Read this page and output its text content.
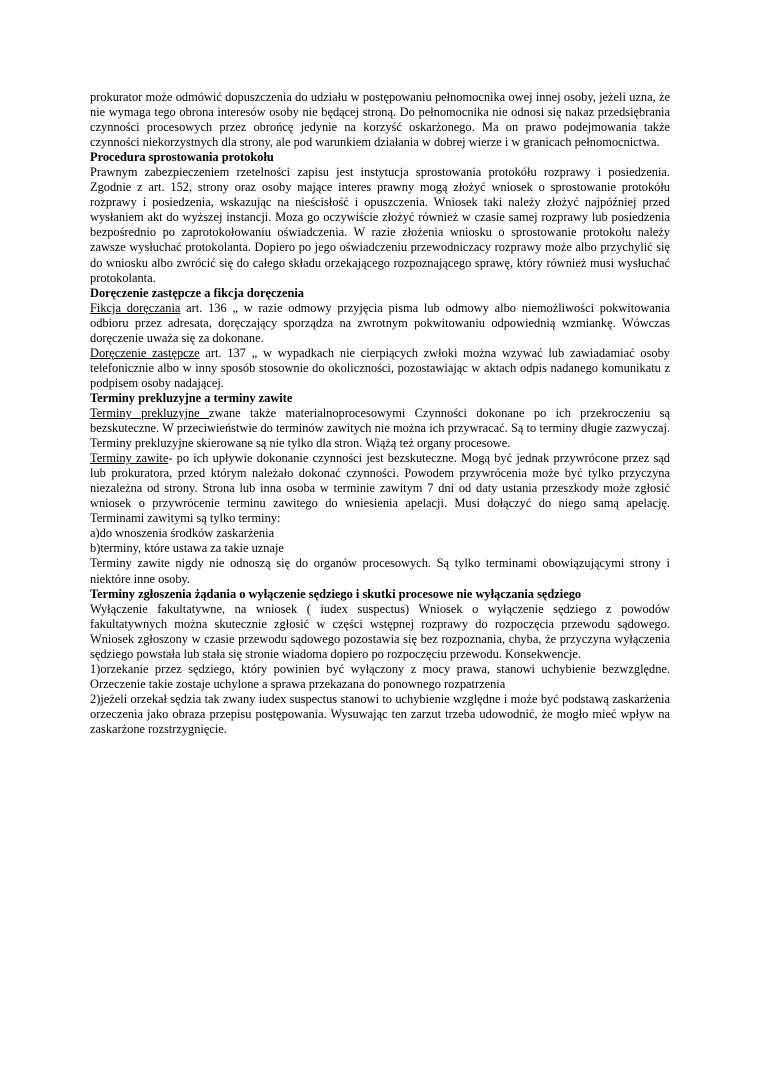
prokurator może odmówić dopuszczenia do udziału w postępowaniu pełnomocnika owej innej osoby, jeżeli uzna, że nie wymaga tego obrona interesów osoby nie będącej stroną. Do pełnomocnika nie odnosi się nakaz przedsiębrania czynności procesowych przez obrońcę jedynie na korzyść oskarżonego. Ma on prawo podejmowania także czynności niekorzystnych dla strony, ale pod warunkiem działania w dobrej wierze i w granicach pełnomocnictwa.

Procedura sprostowania protokołu

Prawnym zabezpieczeniem rzetelności zapisu jest instytucja sprostowania protokółu rozprawy i posiedzenia. Zgodnie z art. 152, strony oraz osoby mające interes prawny mogą złożyć wniosek o sprostowanie protokółu rozprawy i posiedzenia, wskazując na nieścisłość i opuszczenia. Wniosek taki należy złożyć najpóźniej przed wysłaniem akt do wyższej instancji. Moza go oczywiście złożyć również w czasie samej rozprawy lub posiedzenia bezpośrednio po zaprotokołowaniu oświadczenia. W razie złożenia wniosku o sprostowanie protokołu należy zawsze wysłuchać protokolanta. Dopiero po jego oświadczeniu przewodniczacy rozprawy może albo przychylić się do wniosku albo zwrócić się do całego składu orzekającego rozpoznającego sprawę, który również musi wysłuchać protokolanta.

Doręczenie zastępcze a fikcja doręczenia

Fikcja doręczania art. 136 „ w razie odmowy przyjęcia pisma lub odmowy albo niemożliwości pokwitowania odbioru przez adresata, doręczający sporządza na zwrotnym pokwitowaniu odpowiednią wzmiankę. Wówczas doręczenie uważa się za dokonane.

Doręczenie zastępcze art. 137 „ w wypadkach nie cierpiących zwłoki można wzywać lub zawiadamiać osoby telefonicznie albo w inny sposób stosownie do okoliczności, pozostawiając w aktach odpis nadanego komunikatu z podpisem osoby nadającej.

Terminy prekluzyjne a terminy zawite

Terminy prekluzyjne zwane także materialnoprocesowymi Czynności dokonane po ich przekroczeniu są bezskuteczne. W przeciwieństwie do terminów zawitych nie można ich przywracać. Są to terminy długie zazwyczaj. Terminy prekluzyjne skierowane są nie tylko dla stron. Wiążą też organy procesowe.

Terminy zawite- po ich upływie dokonanie czynności jest bezskuteczne. Mogą być jednak przywrócone przez sąd lub prokuratora, przed którym należało dokonać czynności. Powodem przywrócenia może być tylko przyczyna niezależna od strony. Strona lub inna osoba w terminie zawitym 7 dni od daty ustania przeszkody może zgłosić wniosek o przywrócenie terminu zawitego do wniesienia apelacji. Musi dołączyć do niego samą apelację. Terminami zawitymi są tylko terminy:

a)do wnoszenia środków zaskarżenia

b)terminy, które ustawa za takie uznaje

Terminy zawite nigdy nie odnoszą się do organów procesowych. Są tylko terminami obowiązującymi strony i niektóre inne osoby.

Terminy zgłoszenia żądania o wyłączenie sędziego i skutki procesowe nie wyłączania sędziego

Wyłączenie fakultatywne, na wniosek ( iudex suspectus) Wniosek o wyłączenie sędziego z powodów fakultatywnych można skutecznie zgłosić w części wstępnej rozprawy do rozpoczęcia przewodu sądowego. Wniosek zgłoszony w czasie przewodu sądowego pozostawia się bez rozpoznania, chyba, że przyczyna wyłączenia sędziego powstała lub stała się stronie wiadoma dopiero po rozpoczęciu przewodu. Konsekwencje.

1)orzekanie przez sędziego, który powinien być wyłączony z mocy prawa, stanowi uchybienie bezwzględne. Orzeczenie takie zostaje uchylone a sprawa przekazana do ponownego rozpatrzenia

2)jeżeli orzekał sędzia tak zwany iudex suspectus stanowi to uchybienie względne i może być podstawą zaskarżenia orzeczenia jako obraza przepisu postępowania. Wysuwając ten zarzut trzeba udowodnić, że mogło mieć wpływ na zaskarżone rozstrzygnięcie.
